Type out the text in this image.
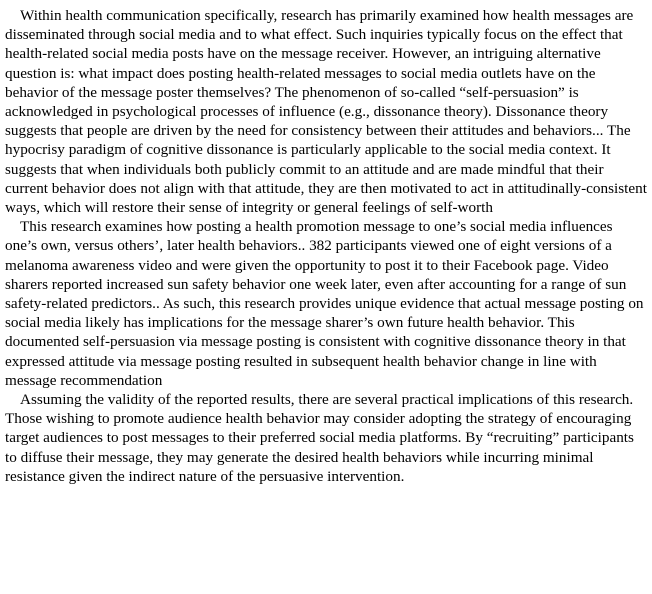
Within health communication specifically, research has primarily examined how health messages are disseminated through social media and to what effect. Such inquiries typically focus on the effect that health-related social media posts have on the message receiver. However, an intriguing alternative question is: what impact does posting health-related messages to social media outlets have on the behavior of the message poster themselves? The phenomenon of so-called “self-persuasion” is acknowledged in psychological processes of influence (e.g., dissonance theory). Dissonance theory suggests that people are driven by the need for consistency between their attitudes and behaviors... The hypocrisy paradigm of cognitive dissonance is particularly applicable to the social media context. It suggests that when individuals both publicly commit to an attitude and are made mindful that their current behavior does not align with that attitude, they are then motivated to act in attitudinally-consistent ways, which will restore their sense of integrity or general feelings of self-worth

This research examines how posting a health promotion message to one’s social media influences one’s own, versus others’, later health behaviors.. 382 participants viewed one of eight versions of a melanoma awareness video and were given the opportunity to post it to their Facebook page. Video sharers reported increased sun safety behavior one week later, even after accounting for a range of sun safety-related predictors.. As such, this research provides unique evidence that actual message posting on social media likely has implications for the message sharer’s own future health behavior. This documented self-persuasion via message posting is consistent with cognitive dissonance theory in that expressed attitude via message posting resulted in subsequent health behavior change in line with message recommendation

Assuming the validity of the reported results, there are several practical implications of this research. Those wishing to promote audience health behavior may consider adopting the strategy of encouraging target audiences to post messages to their preferred social media platforms. By “recruiting” participants to diffuse their message, they may generate the desired health behaviors while incurring minimal resistance given the indirect nature of the persuasive intervention.
